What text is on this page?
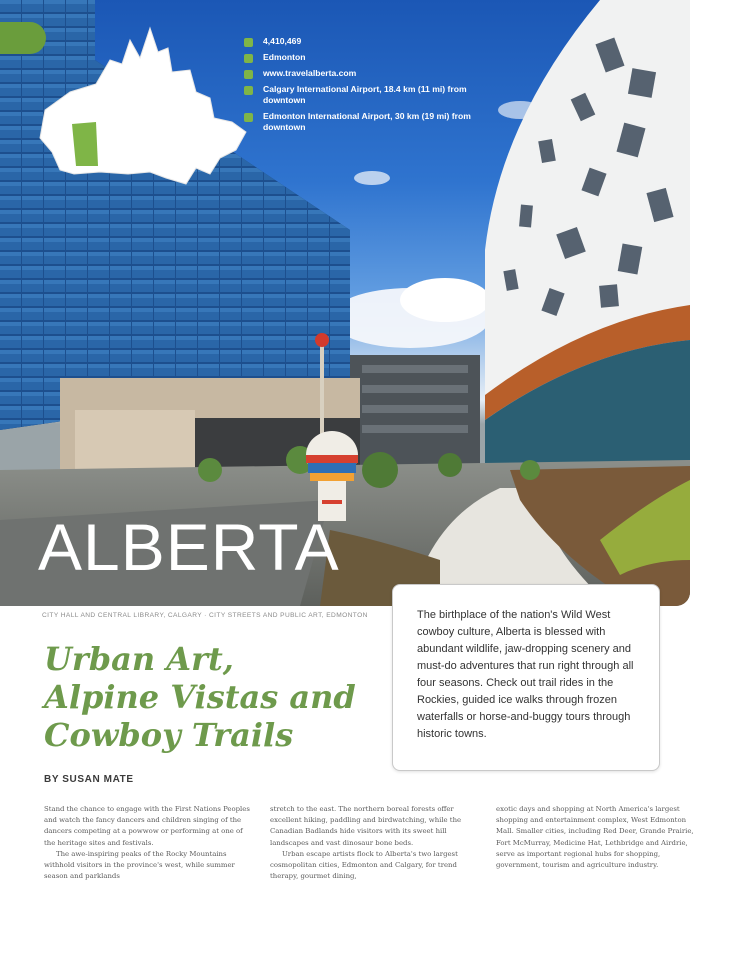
4,410,469
Edmonton
www.travelalberta.com
Calgary International Airport, 18.4 km (11 mi) from downtown
Edmonton International Airport, 30 km (19 mi) from downtown
ALBERTA
CITY HALL AND CENTRAL LIBRARY, CALGARY · CITY STREETS AND PUBLIC ART, EDMONTON
Urban Art,
Alpine Vistas and
Cowboy Trails
BY SUSAN MATE

The birthplace of the nation's Wild West cowboy culture, Alberta is blessed with abundant wildlife, jaw-dropping scenery and must-do adventures that run right through all four seasons. Check out trail rides in the Rockies, guided ice walks through frozen waterfalls or horse-and-buggy tours through historic towns.

Stand the chance to engage with the First Nations Peoples and watch the fancy dancers and children singing of the dancers competing at a powwow or performing at one of the heritage sites and festivals.

The awe-inspiring peaks of the Rocky Mountains withhold visitors in the province's west, while summer season and parklands

stretch to the east. The northern boreal forests offer excellent hiking, paddling and birdwatching, while the Canadian Badlands hide visitors with its sweet hill landscapes and vast dinosaur bone beds.

Urban escape artists flock to Alberta's two largest cosmopolitan cities, Edmonton and Calgary, for trend therapy, gourmet dining,

exotic days and shopping at North America's largest shopping and entertainment complex, West Edmonton Mall. Smaller cities, including Red Deer, Grande Prairie, Fort McMurray, Medicine Hat, Lethbridge and Airdrie, serve as important regional hubs for shopping, government, tourism and agriculture industry.
